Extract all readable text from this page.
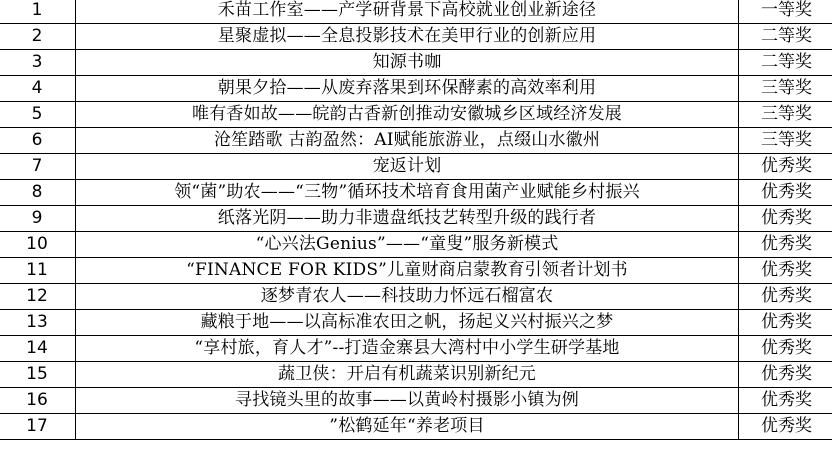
1	禾苗工作室——产学研背景下高校就业创业新途径	一等奖
2	星聚虚拟——全息投影技术在美甲行业的创新应用	二等奖
3	知源书咖	二等奖
4	朝果夕拾——从废弃落果到环保酵素的高效率利用	三等奖
5	唯有香如故——皖韵古香新创推动安徽城乡区域经济发展	三等奖
6	沧笙踏歌 古韵盈然：AI赋能旅游业，点缀山水徽州	三等奖
7	宠返计划	优秀奖
8	领“菌”助农——“三物”循环技术培育食用菌产业赋能乡村振兴	优秀奖
9	纸落光阴——助力非遗盘纸技艺转型升级的践行者	优秀奖
10	“心兴法Genius”——“童叟”服务新模式	优秀奖
11	“FINANCE FOR KIDS”儿童财商启蒙教育引领者计划书	优秀奖
12	逐梦青农人——科技助力怀远石榴富农	优秀奖
13	藏粮于地——以高标准农田之帆，扬起义兴村振兴之梦	优秀奖
14	“享村旅，育人才”--打造金寨县大湾村中小学生研学基地	优秀奖
15	蔬卫侠：开启有机蔬菜识别新纪元	优秀奖
16	寻找镜头里的故事——以黄岭村摄影小镇为例	优秀奖
17	”松鹤延年“养老项目	优秀奖
